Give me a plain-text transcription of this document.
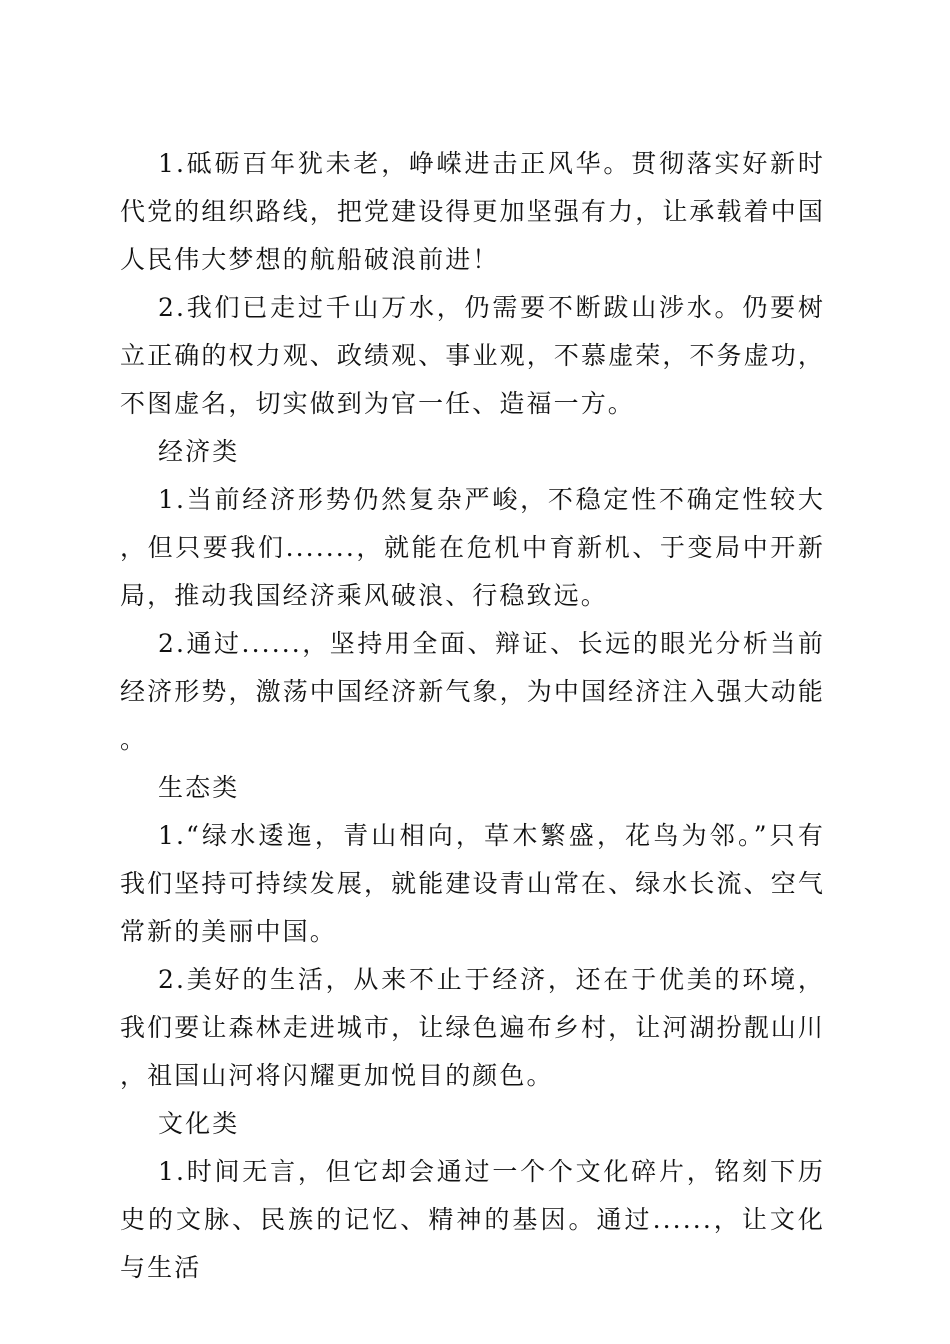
1.砥砺百年犹未老，峥嵘进击正风华。贯彻落实好新时代党的组织路线，把党建设得更加坚强有力，让承载着中国人民伟大梦想的航船破浪前进！

2.我们已走过千山万水，仍需要不断跋山涉水。仍要树立正确的权力观、政绩观、事业观，不慕虚荣，不务虚功，不图虚名，切实做到为官一任、造福一方。

经济类

1.当前经济形势仍然复杂严峻，不稳定性不确定性较大，但只要我们.......，就能在危机中育新机、于变局中开新局，推动我国经济乘风破浪、行稳致远。

2.通过......，坚持用全面、辩证、长远的眼光分析当前经济形势，激荡中国经济新气象，为中国经济注入强大动能。

生态类

1.“绿水逶迤，青山相向，草木繁盛，花鸟为邻。”只有我们坚持可持续发展，就能建设青山常在、绿水长流、空气常新的美丽中国。

2.美好的生活，从来不止于经济，还在于优美的环境，我们要让森林走进城市，让绿色遍布乡村，让河湖扮靓山川，祖国山河将闪耀更加悦目的颜色。

文化类

1.时间无言，但它却会通过一个个文化碎片，铭刻下历史的文脉、民族的记忆、精神的基因。通过......，让文化与生活
